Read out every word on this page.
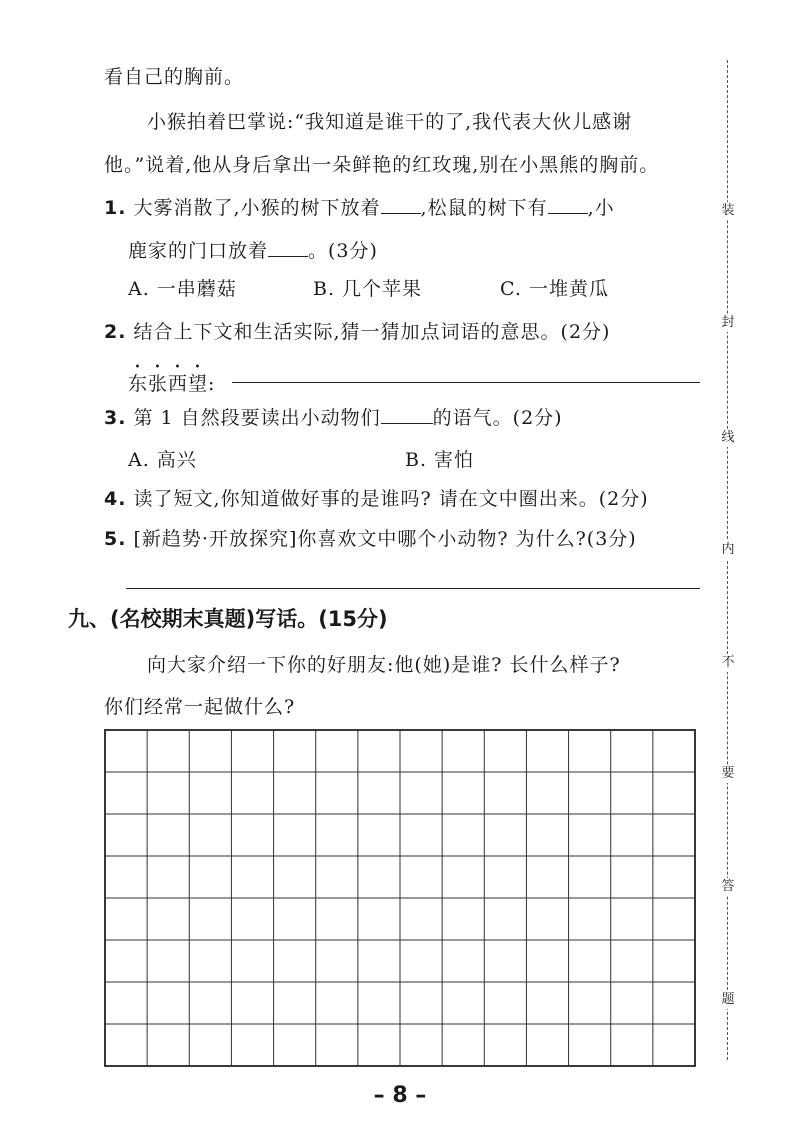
看自己的胸前。
小猴拍着巴掌说:“我知道是谁干的了,我代表大伙儿感谢
他。”说着,他从身后拿出一朵鲜艳的红玫瑰,别在小黑熊的胸前。
1. 大雾消散了,小猴的树下放着 ,松鼠的树下有 ,小
鹿家的门口放着 。(3分)
A. 一串蘑菇	B. 几个苹果	C. 一堆黄瓜
2. 结合上下文和生活实际,猜一猜加点词语的意思。(2分)
东张西望:
3. 第 1 自然段要读出小动物们	的语气。(2分)
A. 高兴	B. 害怕
4. 读了短文,你知道做好事的是谁吗? 请在文中圈出来。(2分)
5. [新趋势·开放探究]你喜欢文中哪个小动物? 为什么?(3分)
九、(名校期末真题)写话。(15分)
向大家介绍一下你的好朋友:他(她)是谁? 长什么样子?
你们经常一起做什么?
装
封
线
内
不
要
答
题
– 8 –
